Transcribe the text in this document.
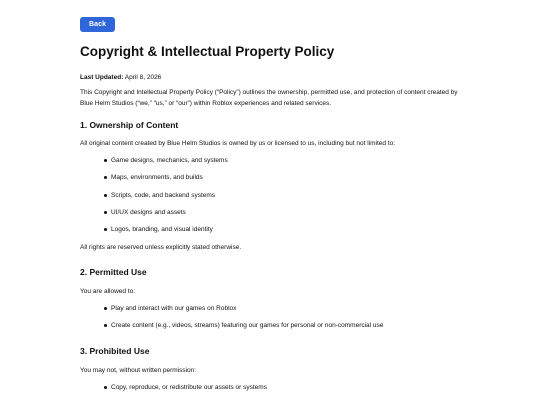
Back
Copyright & Intellectual Property Policy

Last Updated: April 8, 2026

This Copyright and Intellectual Property Policy (“Policy”) outlines the ownership, permitted use, and protection of content created by Blue Helm Studios (“we,” “us,” or “our”) within Roblox experiences and related services.

1. Ownership of Content

All original content created by Blue Helm Studios is owned by us or licensed to us, including but not limited to:

Game designs, mechanics, and systems
Maps, environments, and builds
Scripts, code, and backend systems
UI/UX designs and assets
Logos, branding, and visual identity

All rights are reserved unless explicitly stated otherwise.

2. Permitted Use

You are allowed to:

Play and interact with our games on Roblox
Create content (e.g., videos, streams) featuring our games for personal or non-commercial use
3. Prohibited Use

You may not, without written permission:

Copy, reproduce, or redistribute our assets or systems
